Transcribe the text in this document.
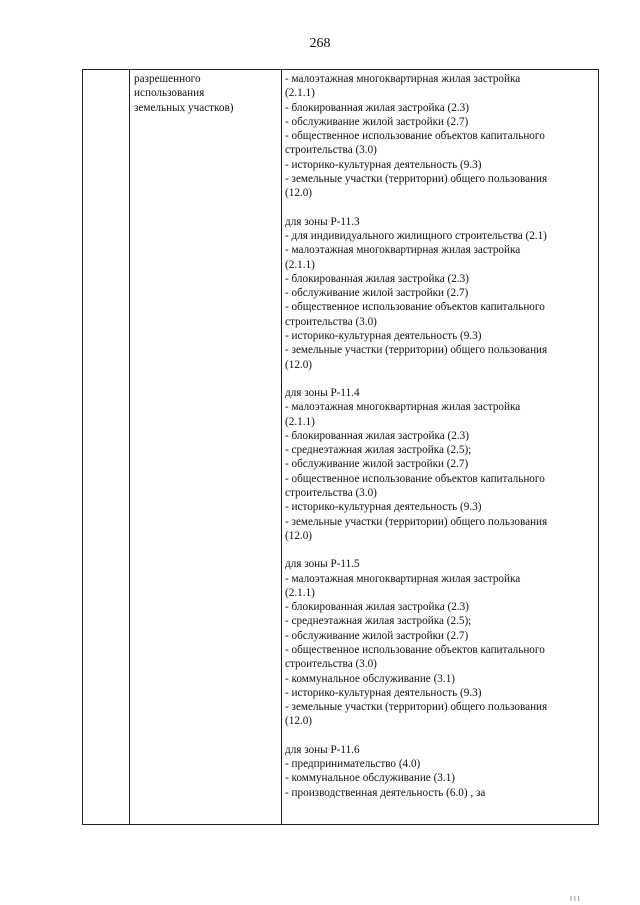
268
разрешенного
использования
земельных участков)
- малоэтажная многоквартирная жилая застройка
(2.1.1)
- блокированная жилая застройка (2.3)
- обслуживание жилой застройки (2.7)
- общественное использование объектов капитального
строительства (3.0)
- историко-культурная деятельность (9.3)
- земельные участки (территории) общего пользования
(12.0)
для зоны Р-11.3
- для индивидуального жилищного строительства (2.1)
- малоэтажная многоквартирная жилая застройка
(2.1.1)
- блокированная жилая застройка (2.3)
- обслуживание жилой застройки (2.7)
- общественное использование объектов капитального
строительства (3.0)
- историко-культурная деятельность (9.3)
- земельные участки (территории) общего пользования
(12.0)
для зоны Р-11.4
- малоэтажная многоквартирная жилая застройка
(2.1.1)
- блокированная жилая застройка (2.3)
- среднеэтажная жилая застройка (2.5);
- обслуживание жилой застройки (2.7)
- общественное использование объектов капитального
строительства (3.0)
- историко-культурная деятельность (9.3)
- земельные участки (территории) общего пользования
(12.0)
для зоны Р-11.5
- малоэтажная многоквартирная жилая застройка
(2.1.1)
- блокированная жилая застройка (2.3)
- среднеэтажная жилая застройка (2.5);
- обслуживание жилой застройки (2.7)
- общественное использование объектов капитального
строительства (3.0)
- коммунальное обслуживание (3.1)
- историко-культурная деятельность (9.3)
- земельные участки (территории) общего пользования
(12.0)
для зоны Р-11.6
- предпринимательство (4.0)
- коммунальное обслуживание (3.1)
- производственная деятельность (6.0) , за
I I I
